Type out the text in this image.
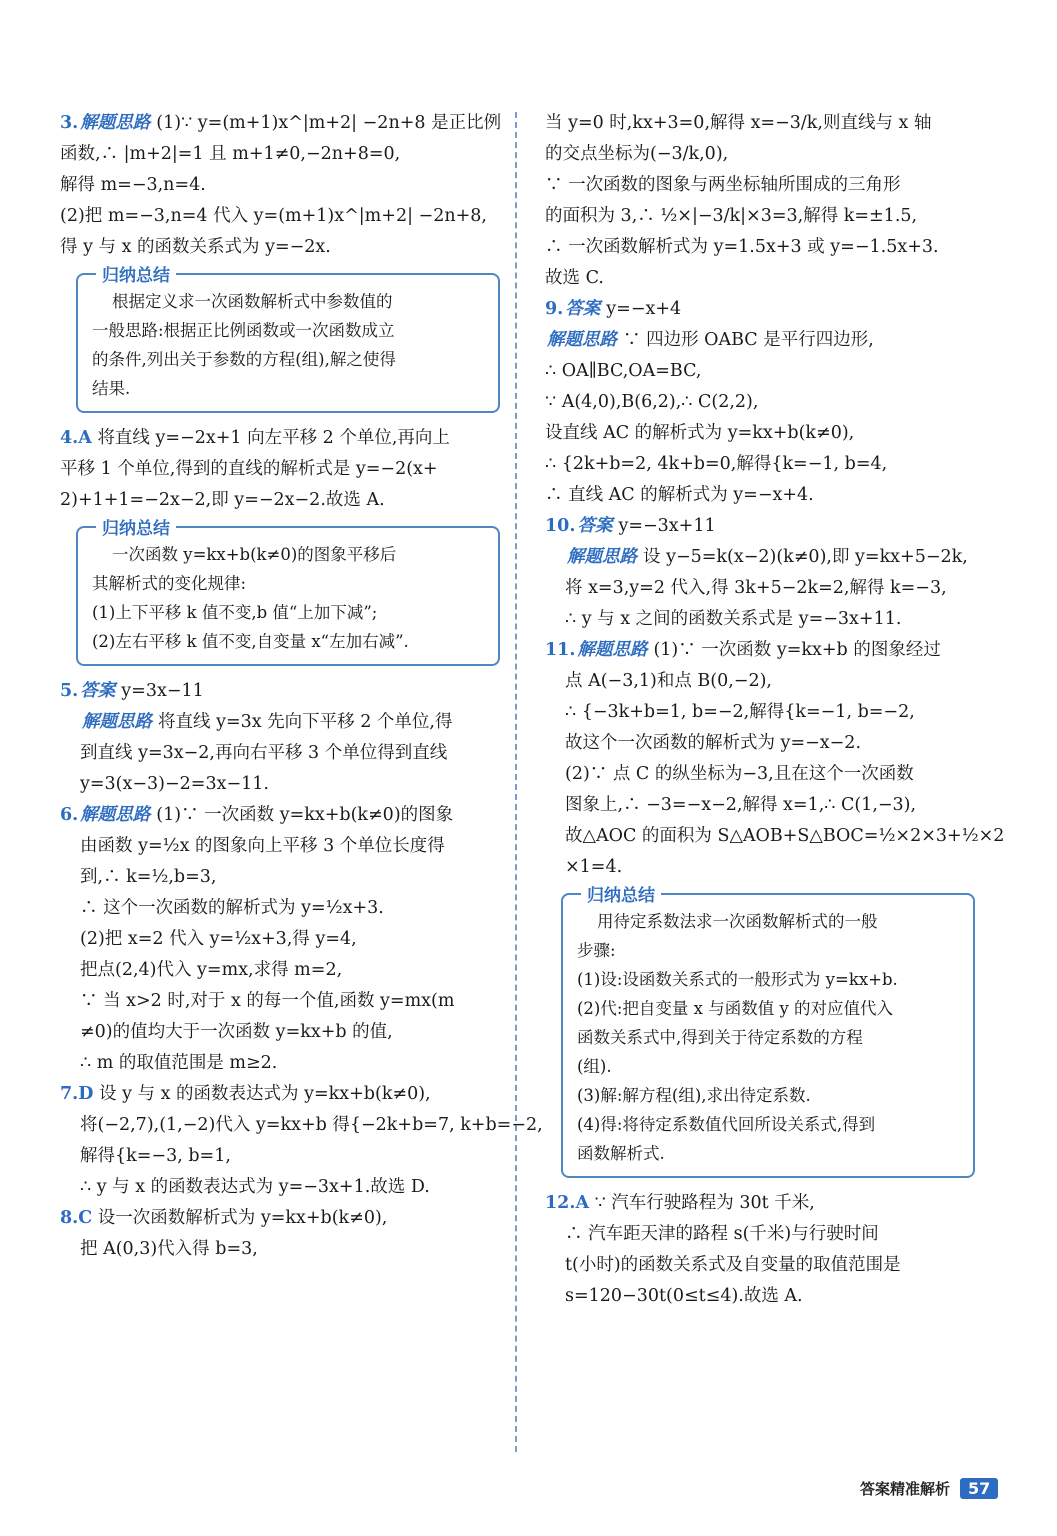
3. 解题思路 (1)∵ y=(m+1)x^|m+2| −2n+8 是正比例
函数,∴ |m+2|=1 且 m+1≠0,−2n+8=0,
解得 m=−3,n=4.
(2)把 m=−3,n=4 代入 y=(m+1)x^|m+2| −2n+8,
得 y 与 x 的函数关系式为 y=−2x.
归纳总结
根据定义求一次函数解析式中参数值的
一般思路:根据正比例函数或一次函数成立
的条件,列出关于参数的方程(组),解之使得
结果.
4.A 将直线 y=−2x+1 向左平移 2 个单位,再向上
平移 1 个单位,得到的直线的解析式是 y=−2(x+
2)+1+1=−2x−2,即 y=−2x−2.故选 A.
归纳总结
一次函数 y=kx+b(k≠0)的图象平移后
其解析式的变化规律:
(1)上下平移 k 值不变,b 值“上加下减”;
(2)左右平移 k 值不变,自变量 x“左加右减”.
5. 答案 y=3x−11
解题思路 将直线 y=3x 先向下平移 2 个单位,得
到直线 y=3x−2,再向右平移 3 个单位得到直线
y=3(x−3)−2=3x−11.
6. 解题思路 (1)∵ 一次函数 y=kx+b(k≠0)的图象
由函数 y=½x 的图象向上平移 3 个单位长度得
到,∴ k=½,b=3,
∴ 这个一次函数的解析式为 y=½x+3.
(2)把 x=2 代入 y=½x+3,得 y=4,
把点(2,4)代入 y=mx,求得 m=2,
∵ 当 x>2 时,对于 x 的每一个值,函数 y=mx(m
≠0)的值均大于一次函数 y=kx+b 的值,
∴ m 的取值范围是 m≥2.
7.D 设 y 与 x 的函数表达式为 y=kx+b(k≠0),
将(−2,7),(1,−2)代入 y=kx+b 得{−2k+b=7, k+b=−2,
解得{k=−3, b=1,
∴ y 与 x 的函数表达式为 y=−3x+1.故选 D.
8.C 设一次函数解析式为 y=kx+b(k≠0),
把 A(0,3)代入得 b=3,
当 y=0 时,kx+3=0,解得 x=−3/k,则直线与 x 轴
的交点坐标为(−3/k,0),
∵ 一次函数的图象与两坐标轴所围成的三角形
的面积为 3,∴ ½×|−3/k|×3=3,解得 k=±1.5,
∴ 一次函数解析式为 y=1.5x+3 或 y=−1.5x+3.
故选 C.
9. 答案 y=−x+4
解题思路 ∵ 四边形 OABC 是平行四边形,
∴ OA∥BC,OA=BC,
∵ A(4,0),B(6,2),∴ C(2,2),
设直线 AC 的解析式为 y=kx+b(k≠0),
∴ {2k+b=2, 4k+b=0,解得{k=−1, b=4,
∴ 直线 AC 的解析式为 y=−x+4.
10. 答案 y=−3x+11
解题思路 设 y−5=k(x−2)(k≠0),即 y=kx+5−2k,
将 x=3,y=2 代入,得 3k+5−2k=2,解得 k=−3,
∴ y 与 x 之间的函数关系式是 y=−3x+11.
11. 解题思路 (1)∵ 一次函数 y=kx+b 的图象经过
点 A(−3,1)和点 B(0,−2),
∴ {−3k+b=1, b=−2,解得{k=−1, b=−2,
故这个一次函数的解析式为 y=−x−2.
(2)∵ 点 C 的纵坐标为−3,且在这个一次函数
图象上,∴ −3=−x−2,解得 x=1,∴ C(1,−3),
故△AOC 的面积为 S△AOB+S△BOC=½×2×3+½×2
×1=4.
归纳总结
用待定系数法求一次函数解析式的一般
步骤:
(1)设:设函数关系式的一般形式为 y=kx+b.
(2)代:把自变量 x 与函数值 y 的对应值代入
函数关系式中,得到关于待定系数的方程
(组).
(3)解:解方程(组),求出待定系数.
(4)得:将待定系数值代回所设关系式,得到
函数解析式.
12.A ∵ 汽车行驶路程为 30t 千米,
∴ 汽车距天津的路程 s(千米)与行驶时间
t(小时)的函数关系式及自变量的取值范围是
s=120−30t(0≤t≤4).故选 A.
答案精准解析 57
